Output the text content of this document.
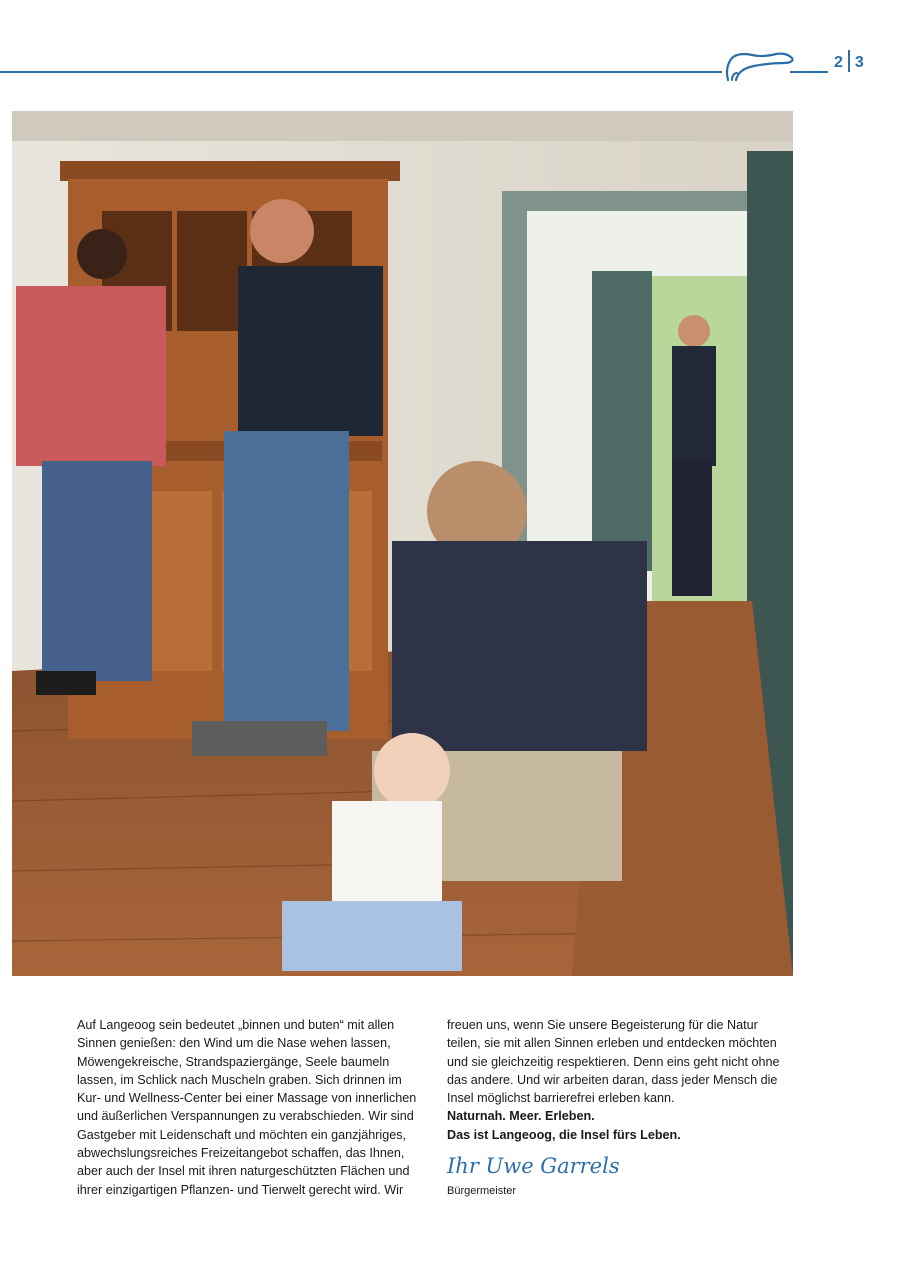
2 3

Auf Langeoog sein bedeutet „binnen und buten“ mit allen Sinnen genießen: den Wind um die Nase wehen lassen, Möwengekreische, Strandspaziergänge, Seele baumeln lassen, im Schlick nach Muscheln graben. Sich drinnen im Kur- und Wellness-Center bei einer Massage von innerlichen und äußerlichen Verspannungen zu verabschieden. Wir sind Gastgeber mit Leidenschaft und möchten ein ganzjähriges, abwechslungsreiches Freizeitangebot schaffen, das Ihnen, aber auch der Insel mit ihren naturgeschützten Flächen und ihrer einzigartigen Pflanzen- und Tierwelt gerecht wird. Wir

freuen uns, wenn Sie unsere Begeisterung für die Natur teilen, sie mit allen Sinnen erleben und entdecken möchten und sie gleichzeitig respektieren. Denn eins geht nicht ohne das andere. Und wir arbeiten daran, dass jeder Mensch die Insel möglichst barrierefrei erleben kann.

Naturnah. Meer. Erleben.

Das ist Langeoog, die Insel fürs Leben.

Ihr Uwe Garrels
Bürgermeister
